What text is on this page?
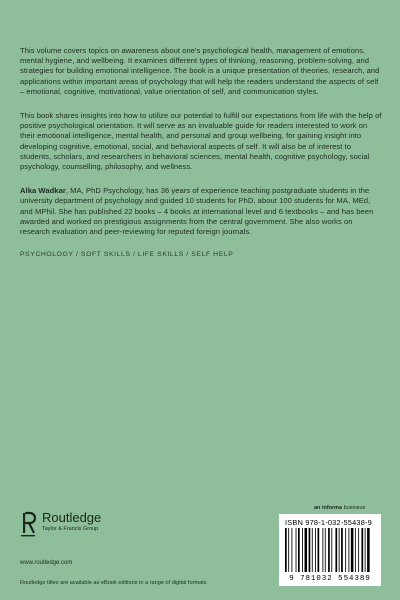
This volume covers topics on awareness about one's psychological health, management of emotions, mental hygiene, and wellbeing. It examines different types of thinking, reasoning, problem-solving, and strategies for building emotional intelligence. The book is a unique presentation of theories, research, and applications within important areas of psychology that will help the readers understand the aspects of self – emotional, cognitive, motivational, value orientation of self, and communication styles.

This book shares insights into how to utilize our potential to fulfill our expectations from life with the help of positive psychological orientation. It will serve as an invaluable guide for readers interested to work on their emotional intelligence, mental health, and personal and group wellbeing, for gaining insight into developing cognitive, emotional, social, and behavioral aspects of self. It will also be of interest to students, scholars, and researchers in behavioral sciences, mental health, cognitive psychology, social psychology, counselling, philosophy, and wellness.

Alka Wadkar, MA, PhD Psychology, has 36 years of experience teaching postgraduate students in the university department of psychology and guided 10 students for PhD, about 100 students for MA, MEd, and MPhil. She has published 22 books – 4 books at international level and 6 textbooks – and has been awarded and worked on prestigious assignments from the central government. She also works on research evaluation and peer-reviewing for reputed foreign journals.

PSYCHOLOGY / SOFT SKILLS / LIFE SKILLS / SELF HELP
Routledge
Taylor & Francis Group
www.routledge.com
Routledge titles are available as eBook editions in a range of digital formats
an informa business
ISBN 978-1-032-55438-9
9 781032 554389
